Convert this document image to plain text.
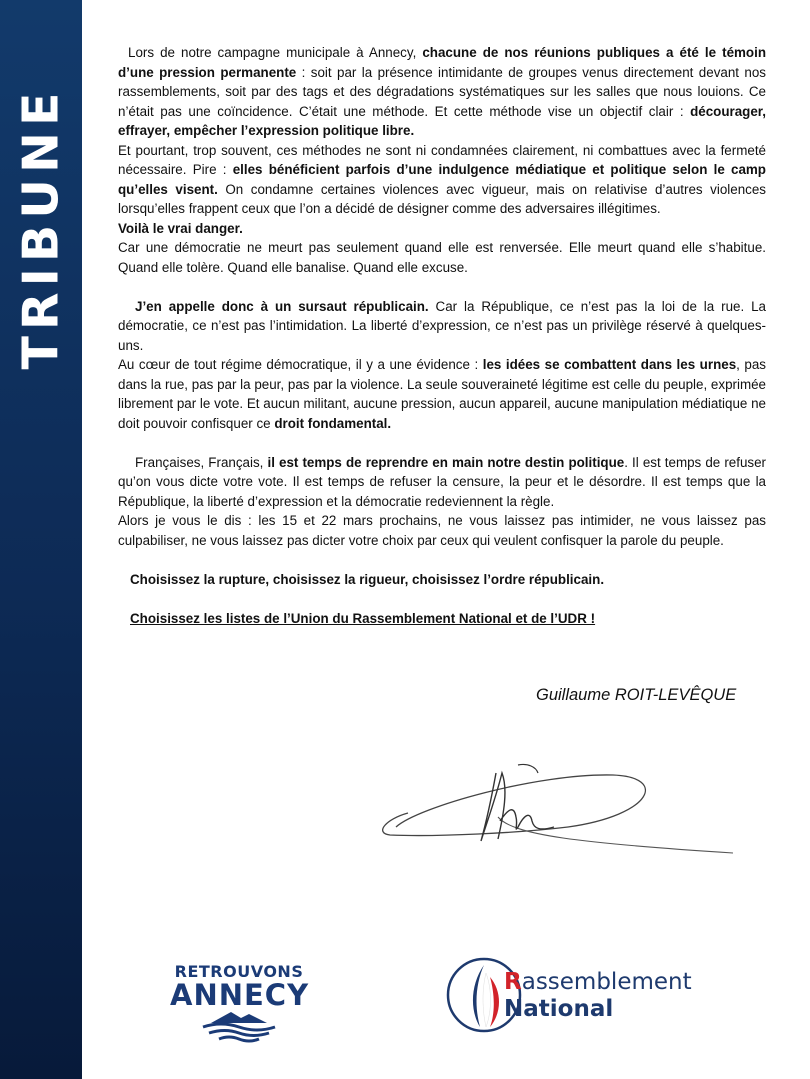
TRIBUNE

Lors de notre campagne municipale à Annecy, chacune de nos réunions publiques a été le témoin d’une pression permanente : soit par la présence intimidante de groupes venus directement devant nos rassemblements, soit par des tags et des dégradations systématiques sur les salles que nous louions. Ce n’était pas une coïncidence. C’était une méthode. Et cette méthode vise un objectif clair : décourager, effrayer, empêcher l’expression politique libre.

Et pourtant, trop souvent, ces méthodes ne sont ni condamnées clairement, ni combattues avec la fermeté nécessaire. Pire : elles bénéficient parfois d’une indulgence médiatique et politique selon le camp qu’elles visent. On condamne certaines violences avec vigueur, mais on relativise d’autres violences lorsqu’elles frappent ceux que l’on a décidé de désigner comme des adversaires illégitimes.

Voilà le vrai danger.

Car une démocratie ne meurt pas seulement quand elle est renversée. Elle meurt quand elle s’habitue. Quand elle tolère. Quand elle banalise. Quand elle excuse.

J’en appelle donc à un sursaut républicain. Car la République, ce n’est pas la loi de la rue. La démocratie, ce n’est pas l’intimidation. La liberté d’expression, ce n’est pas un privilège réservé à quelques-uns.

Au cœur de tout régime démocratique, il y a une évidence : les idées se combattent dans les urnes, pas dans la rue, pas par la peur, pas par la violence. La seule souveraineté légitime est celle du peuple, exprimée librement par le vote. Et aucun militant, aucune pression, aucun appareil, aucune manipulation médiatique ne doit pouvoir confisquer ce droit fondamental.

Françaises, Français, il est temps de reprendre en main notre destin politique. Il est temps de refuser qu’on vous dicte votre vote. Il est temps de refuser la censure, la peur et le désordre. Il est temps que la République, la liberté d’expression et la démocratie redeviennent la règle.

Alors je vous le dis : les 15 et 22 mars prochains, ne vous laissez pas intimider, ne vous laissez pas culpabiliser, ne vous laissez pas dicter votre choix par ceux qui veulent confisquer la parole du peuple.

Choisissez la rupture, choisissez la rigueur, choisissez l’ordre républicain.

Choisissez les listes de l’Union du Rassemblement National et de l’UDR !

Guillaume ROIT-LEVÊQUE
RETROUVONS
ANNECY	Rassemblement
National
